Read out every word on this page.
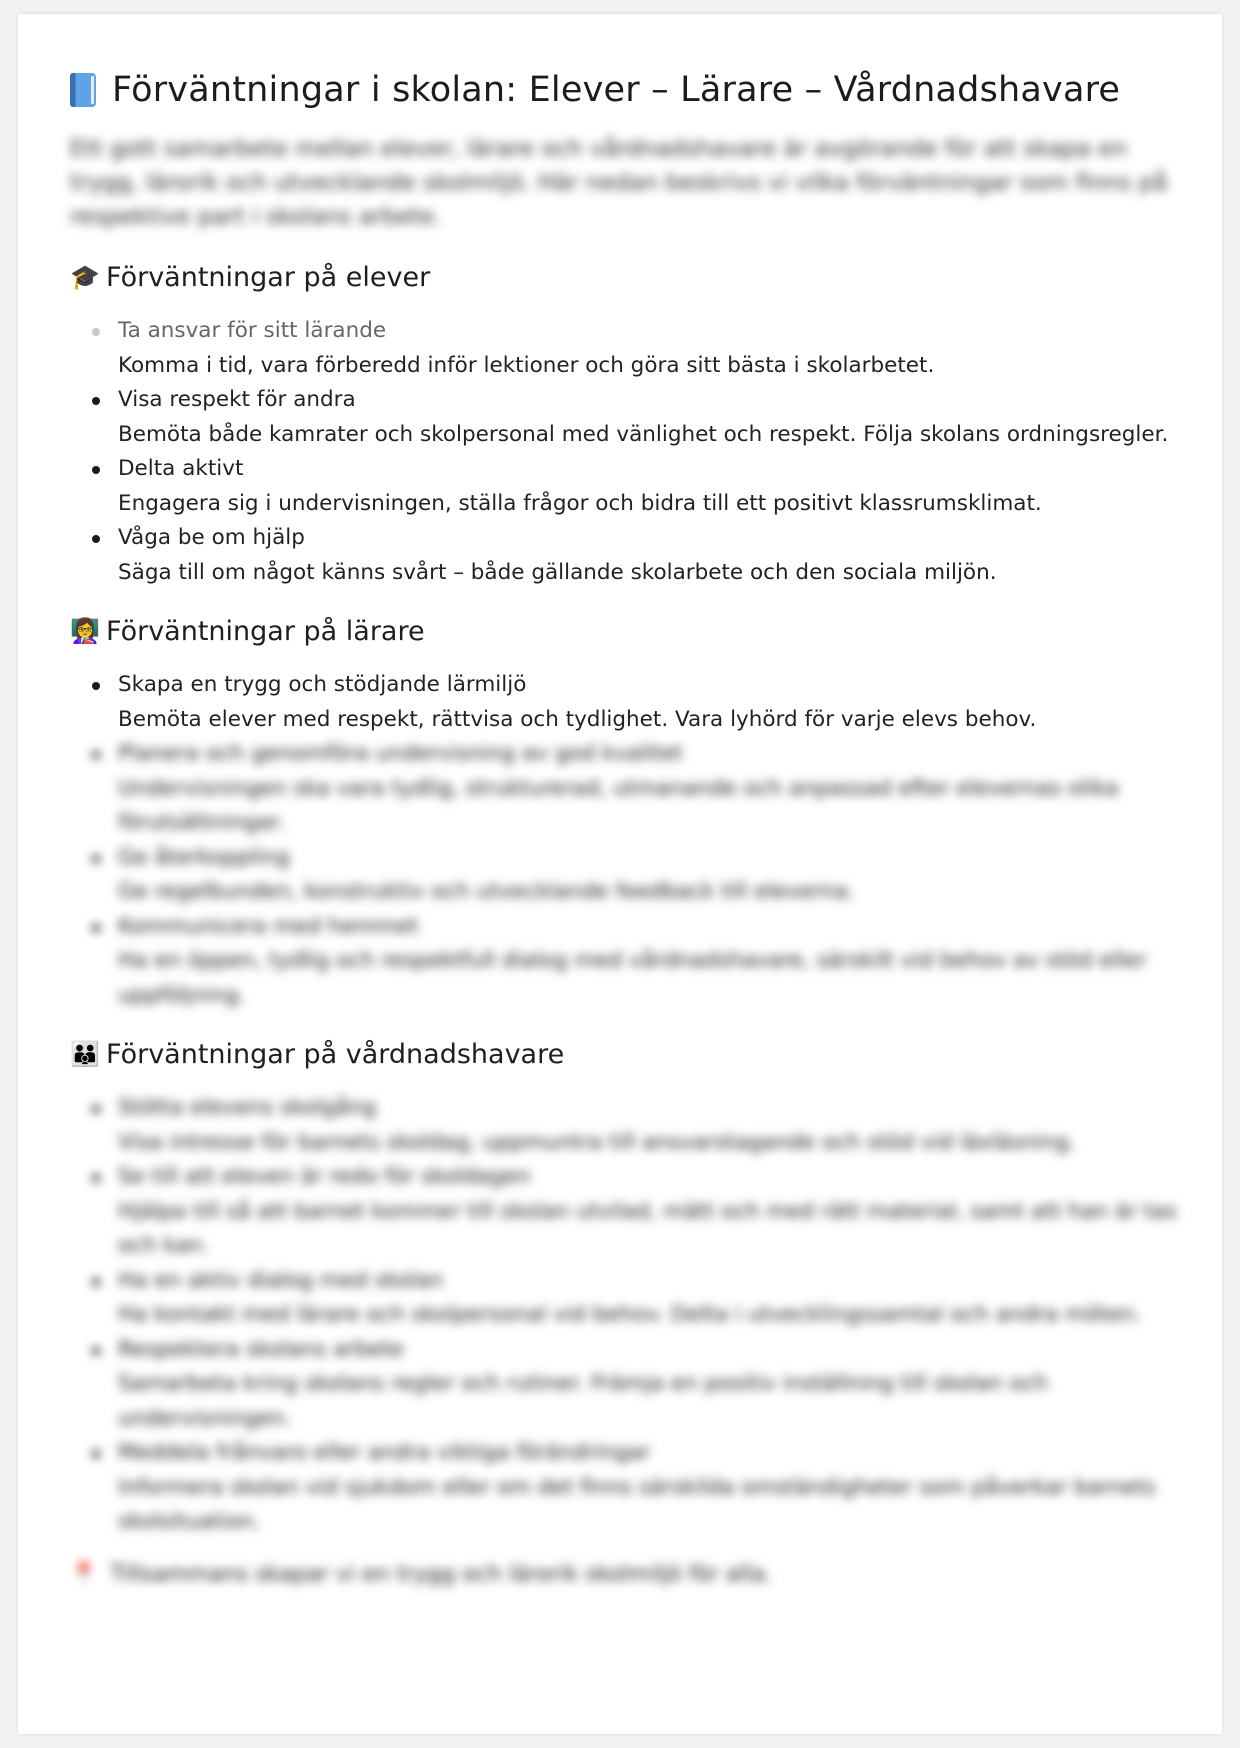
Förväntningar i skolan: Elever – Lärare – Vårdnadshavare

Ett gott samarbete mellan elever, lärare och vårdnadshavare är avgörande för att skapa en trygg, lärorik och utvecklande skolmiljö. Här nedan beskrivs vi vilka förväntningar som finns på respektive part i skolans arbete.

🎓 Förväntningar på elever
Ta ansvar för sitt lärande
Komma i tid, vara förberedd inför lektioner och göra sitt bästa i skolarbetet.
Visa respekt för andra
Bemöta både kamrater och skolpersonal med vänlighet och respekt. Följa skolans ordningsregler.
Delta aktivt
Engagera sig i undervisningen, ställa frågor och bidra till ett positivt klassrumsklimat.
Våga be om hjälp
Säga till om något känns svårt – både gällande skolarbete och den sociala miljön.
👩‍🏫 Förväntningar på lärare
Skapa en trygg och stödjande lärmiljö
Bemöta elever med respekt, rättvisa och tydlighet. Vara lyhörd för varje elevs behov.
Planera och genomföra undervisning av god kvalitet
Undervisningen ska vara tydlig, strukturerad, utmanande och anpassad efter elevernas olika förutsättningar.
Ge återkoppling
Ge regelbunden, konstruktiv och utvecklande feedback till eleverna.
Kommunicera med hemmet
Ha en öppen, tydlig och respektfull dialog med vårdnadshavare, särskilt vid behov av stöd eller uppföljning.
👪 Förväntningar på vårdnadshavare
Stötta elevens skolgång
Visa intresse för barnets skoldag, uppmuntra till ansvarstagande och stöd vid läxläsning.
Se till att eleven är redo för skoldagen
Hjälpa till så att barnet kommer till skolan utvilad, mätt och med rätt material, samt att han är tas och kan.
Ha en aktiv dialog med skolan
Ha kontakt med lärare och skolpersonal vid behov. Delta i utvecklingssamtal och andra möten.
Respektera skolans arbete
Samarbeta kring skolans regler och rutiner. Främja en positiv inställning till skolan och undervisningen.
Meddela frånvaro eller andra viktiga förändringar
Informera skolan vid sjukdom eller om det finns särskilda omständigheter som påverkar barnets skolsituation.

📍 Tillsammans skapar vi en trygg och lärorik skolmiljö för alla.
